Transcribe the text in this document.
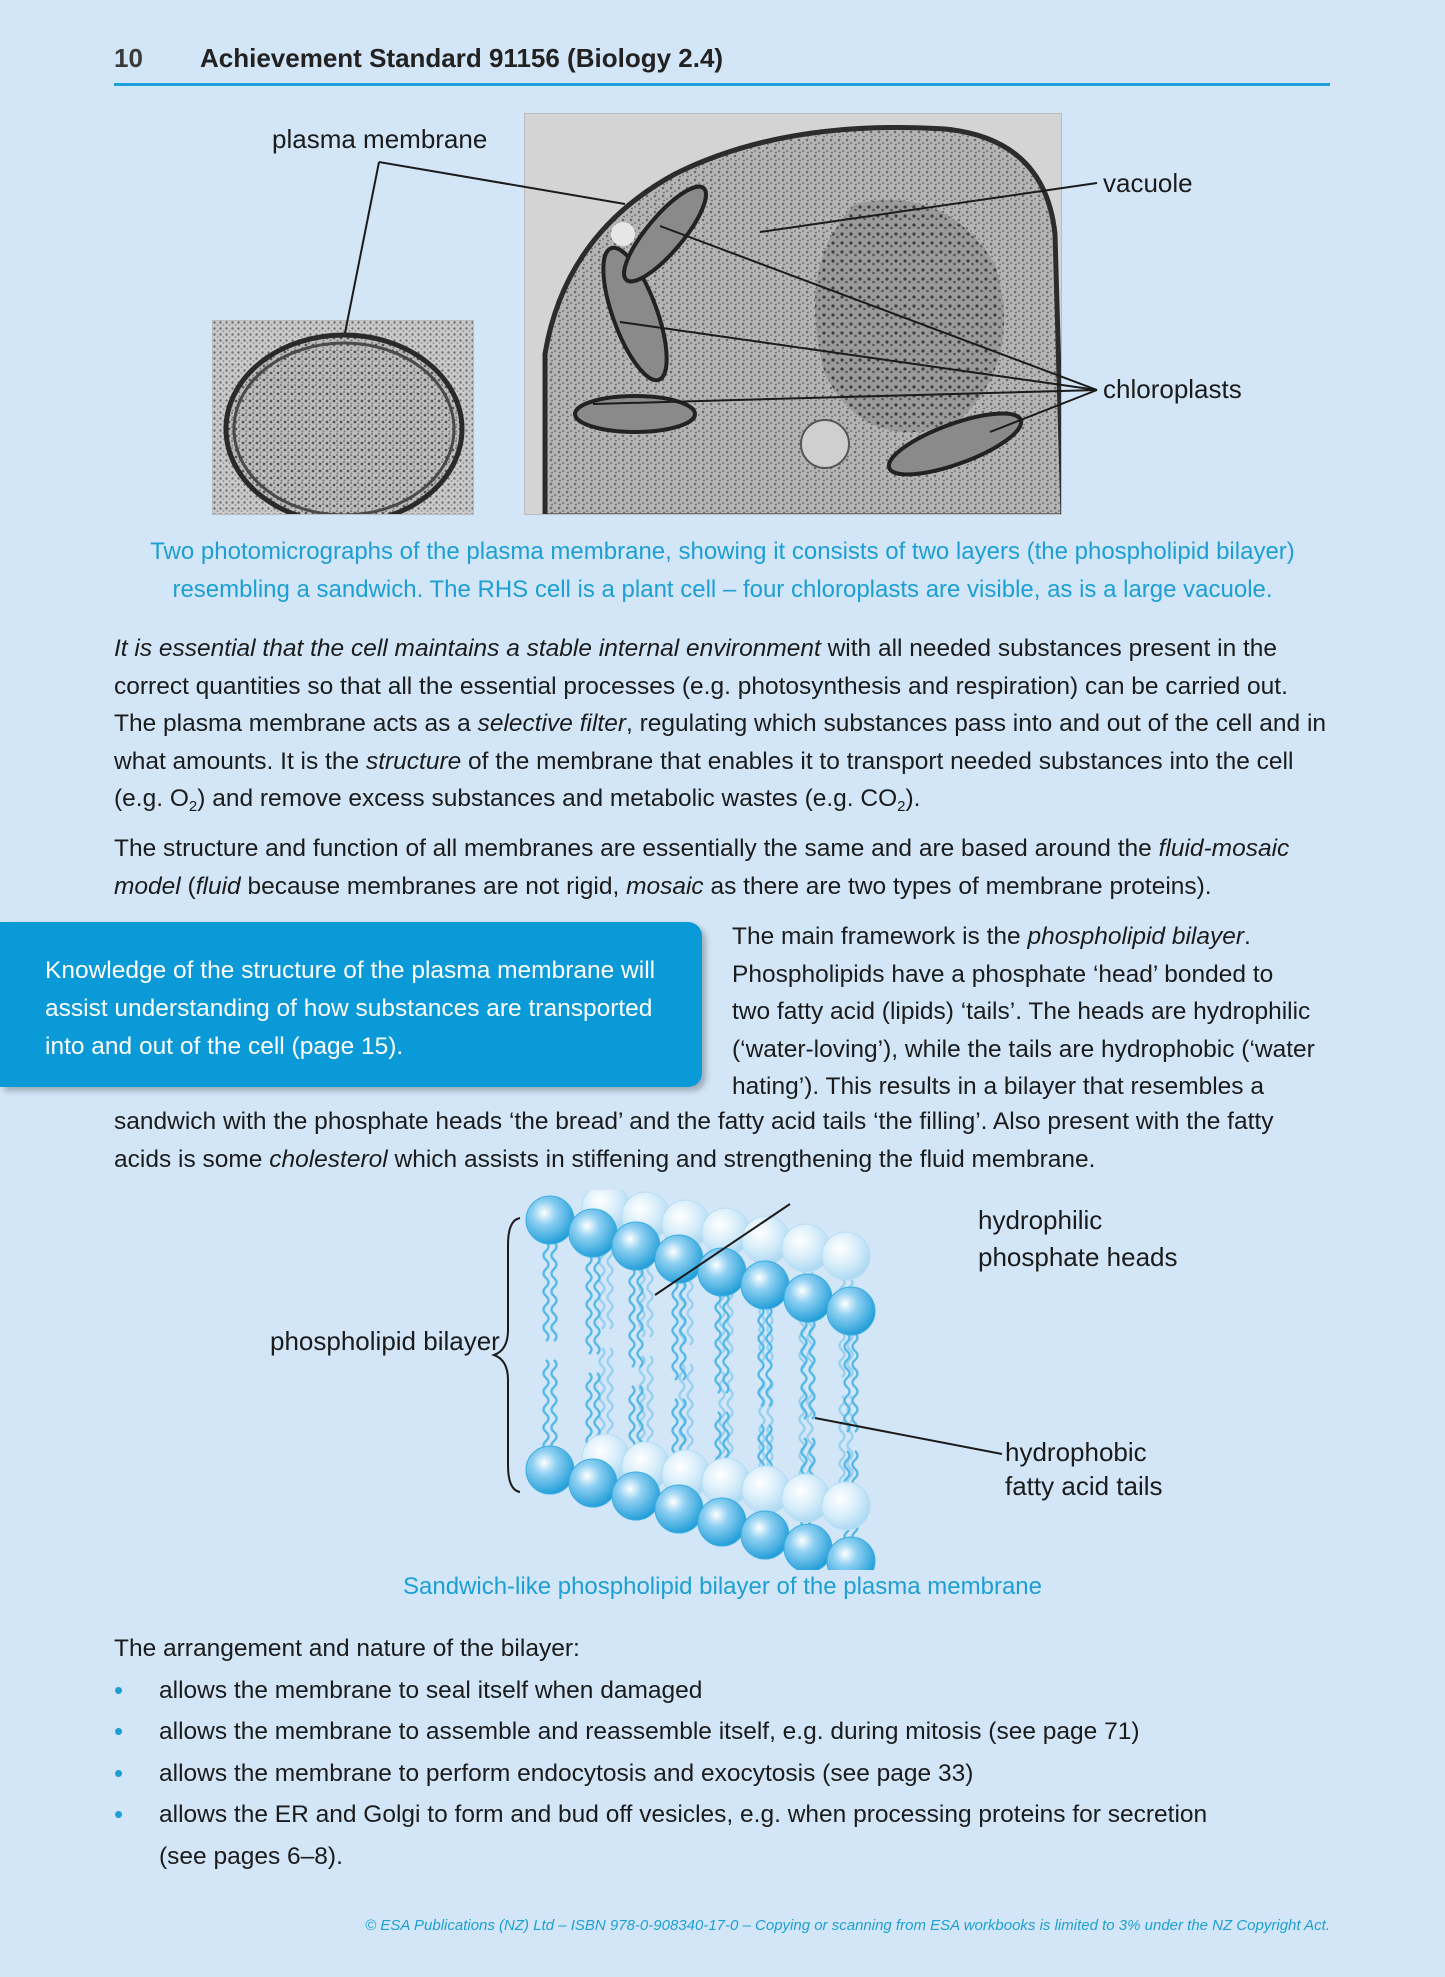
10	Achievement Standard 91156 (Biology 2.4)
plasma membrane
vacuole
chloroplasts
Two photomicrographs of the plasma membrane, showing it consists of two layers (the phospholipid bilayer)
resembling a sandwich. The RHS cell is a plant cell – four chloroplasts are visible, as is a large vacuole.

It is essential that the cell maintains a stable internal environment with all needed substances present in the correct quantities so that all the essential processes (e.g. photosynthesis and respiration) can be carried out. The plasma membrane acts as a selective filter, regulating which substances pass into and out of the cell and in what amounts. It is the structure of the membrane that enables it to transport needed substances into the cell (e.g. $O_2$) and remove excess substances and metabolic wastes (e.g. $CO_2$).

The structure and function of all membranes are essentially the same and are based around the fluid-mosaic model (fluid because membranes are not rigid, mosaic as there are two types of membrane proteins).

Knowledge of the structure of the plasma membrane will
assist understanding of how substances are transported
into and out of the cell (page 15).
The main framework is the phospholipid bilayer.
Phospholipids have a phosphate ‘head’ bonded to
two fatty acid (lipids) ‘tails’. The heads are hydrophilic
(‘water-loving’), while the tails are hydrophobic (‘water
hating’). This results in a bilayer that resembles a

sandwich with the phosphate heads ‘the bread’ and the fatty acid tails ‘the filling’. Also present with the fatty acids is some cholesterol which assists in stiffening and strengthening the fluid membrane.

phospholipid bilayer
hydrophilic
phosphate heads
hydrophobic
fatty acid tails
Sandwich-like phospholipid bilayer of the plasma membrane
The arrangement and nature of the bilayer:
• allows the membrane to seal itself when damaged
• allows the membrane to assemble and reassemble itself, e.g. during mitosis (see page 71)
• allows the membrane to perform endocytosis and exocytosis (see page 33)
• allows the ER and Golgi to form and bud off vesicles, e.g. when processing proteins for secretion (see pages 6–8).
© ESA Publications (NZ) Ltd – ISBN 978-0-908340-17-0 – Copying or scanning from ESA workbooks is limited to 3% under the NZ Copyright Act.
